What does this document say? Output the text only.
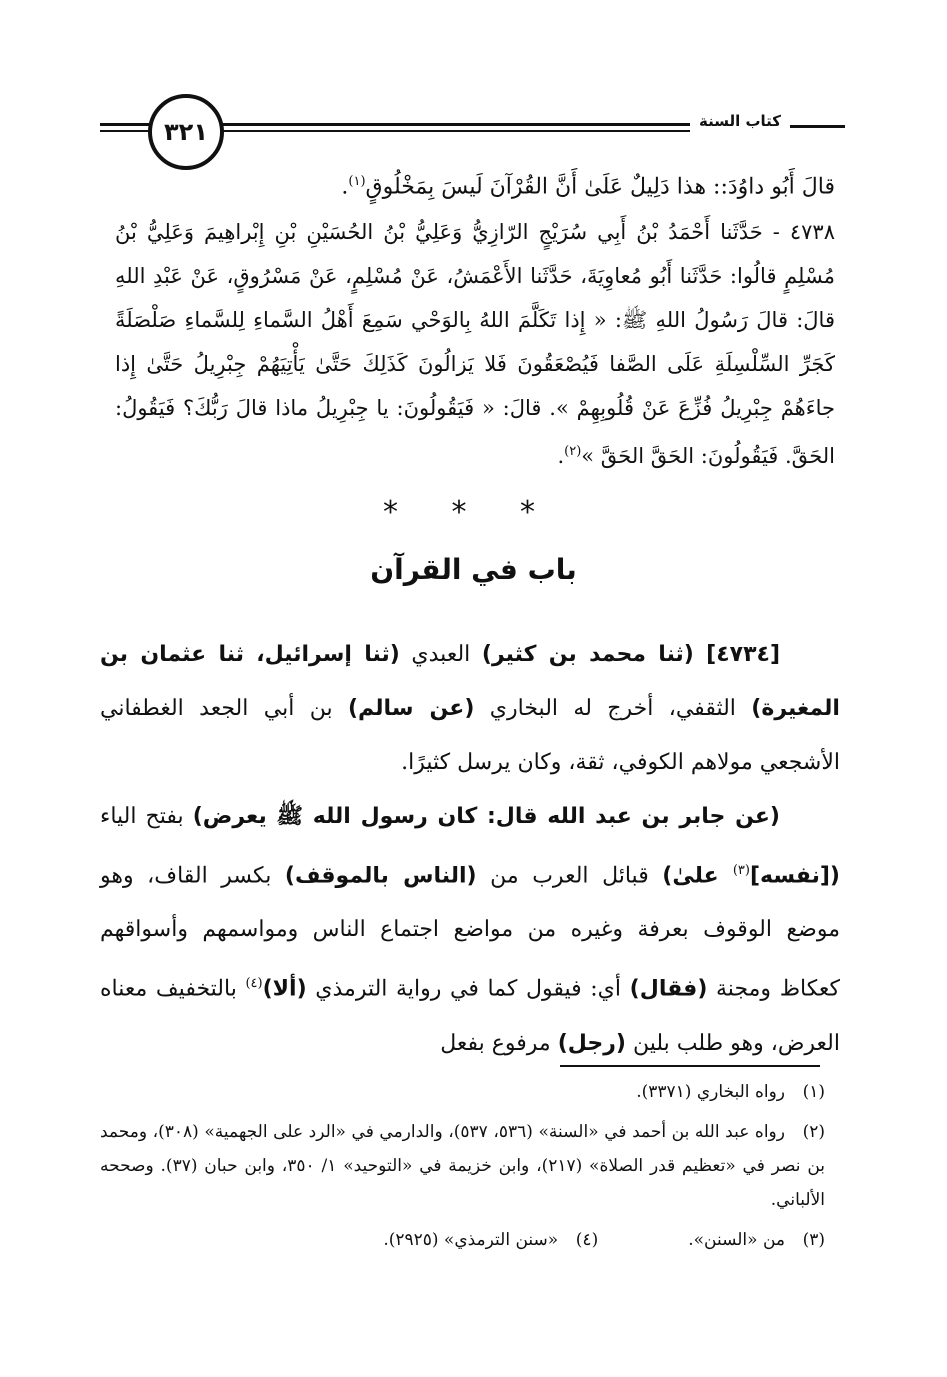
٣٢١	كتاب السنة

قالَ أَبُو داوُدَ:: هذا دَلِيلٌ عَلَىٰ أَنَّ القُرْآنَ لَيسَ بِمَخْلُوقٍ$^{(١)}$.

٤٧٣٨ - حَدَّثَنا أَحْمَدُ بْنُ أَبِي سُرَيْجٍ الرّازِيُّ وَعَلِيُّ بْنُ الحُسَيْنِ بْنِ إِبْراهِيمَ وَعَلِيُّ بْنُ مُسْلِمٍ قالُوا: حَدَّثَنا أَبُو مُعاوِيَةَ، حَدَّثَنا الأَعْمَشُ، عَنْ مُسْلِمٍ، عَنْ مَسْرُوقٍ، عَنْ عَبْدِ اللهِ قالَ: قالَ رَسُولُ اللهِ ﷺ: « إِذا تَكَلَّمَ اللهُ بِالوَحْي سَمِعَ أَهْلُ السَّماءِ لِلسَّماءِ صَلْصَلَةً كَجَرِّ السِّلْسِلَةِ عَلَى الصَّفا فَيُصْعَقُونَ فَلا يَزالُونَ كَذَلِكَ حَتَّىٰ يَأْتِيَهُمْ جِبْرِيلُ حَتَّىٰ إِذا جاءَهُمْ جِبْرِيلُ فُزِّعَ عَنْ قُلُوبِهِمْ ». قالَ: « فَيَقُولُونَ: يا جِبْرِيلُ ماذا قالَ رَبُّكَ؟ فَيَقُولُ: الحَقَّ. فَيَقُولُونَ: الحَقَّ الحَقَّ »$^{(٢)}$.

* * *
باب في القرآن

[٤٧٣٤] (ثنا محمد بن كثير) العبدي (ثنا إسرائيل، ثنا عثمان بن المغيرة) الثقفي، أخرج له البخاري (عن سالم) بن أبي الجعد الغطفاني الأشجعي مولاهم الكوفي، ثقة، وكان يرسل كثيرًا.

(عن جابر بن عبد الله قال: كان رسول الله ﷺ يعرض) بفتح الياء ([نفسه]$^{(٣)}$ علىٰ) قبائل العرب من (الناس بالموقف) بكسر القاف، وهو موضع الوقوف بعرفة وغيره من مواضع اجتماع الناس ومواسمهم وأسواقهم كعكاظ ومجنة (فقال) أي: فيقول كما في رواية الترمذي (ألا)$^{(٤)}$ بالتخفيف معناه العرض، وهو طلب بلين (رجل) مرفوع بفعل

(١)رواه البخاري (٣٣٧١).

(٢)رواه عبد الله بن أحمد في «السنة» (٥٣٦، ٥٣٧)، والدارمي في «الرد على الجهمية» (٣٠٨)، ومحمد بن نصر في «تعظيم قدر الصلاة» (٢١٧)، وابن خزيمة في «التوحيد» ١/ ٣٥٠، وابن حبان (٣٧). وصححه الألباني.

(٣)من «السنن».
(٤)«سنن الترمذي» (٢٩٢٥).
